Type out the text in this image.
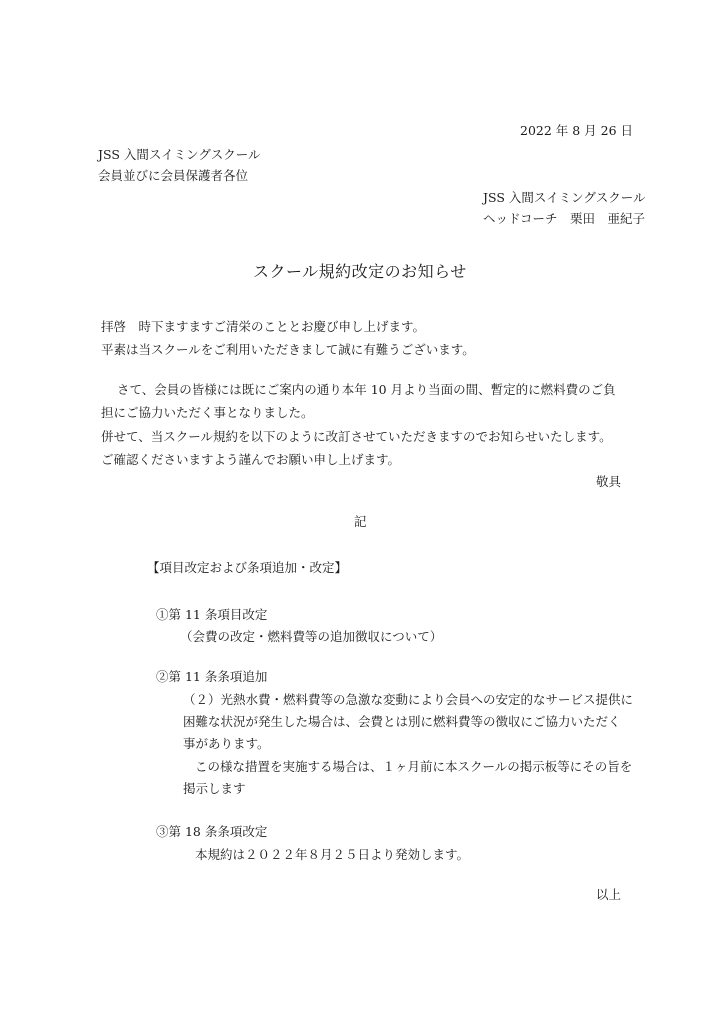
2022 年 8 月 26 日
JSS 入間スイミングスクール
会員並びに会員保護者各位
JSS 入間スイミングスクール
ヘッドコーチ　栗田　亜紀子
スクール規約改定のお知らせ
拝啓　時下ますますご清栄のこととお慶び申し上げます。
平素は当スクールをご利用いただきまして誠に有難うございます。
さて、会員の皆様には既にご案内の通り本年 10 月より当面の間、暫定的に燃料費のご負
担にご協力いただく事となりました。
併せて、当スクール規約を以下のように改訂させていただきますのでお知らせいたします。
ご確認くださいますよう謹んでお願い申し上げます。
敬具
記
【項目改定および条項追加・改定】
①第 11 条項目改定
（会費の改定・燃料費等の追加徴収について）
②第 11 条条項追加
（２）光熱水費・燃料費等の急激な変動により会員への安定的なサービス提供に
困難な状況が発生した場合は、会費とは別に燃料費等の徴収にご協力いただく
事があります。
この様な措置を実施する場合は、１ヶ月前に本スクールの掲示板等にその旨を
掲示します
③第 18 条条項改定
本規約は２０２２年８月２５日より発効します。
以上
